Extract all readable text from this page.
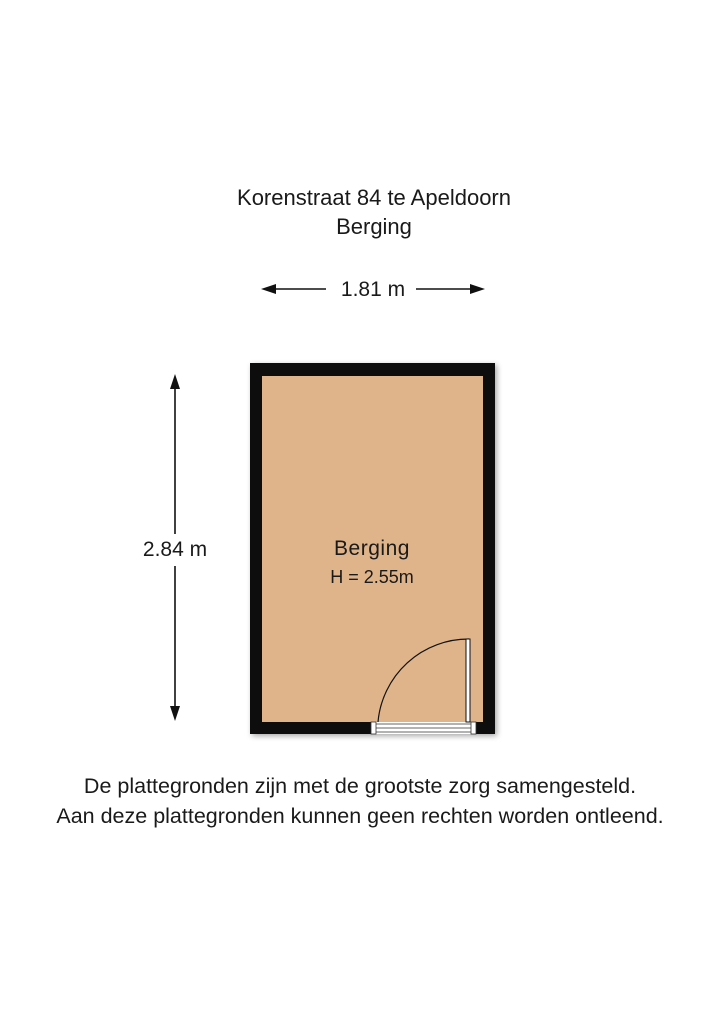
Korenstraat 84 te Apeldoorn
Berging
1.81 m
2.84 m	Berging
H = 2.55m
De plattegronden zijn met de grootste zorg samengesteld.
Aan deze plattegronden kunnen geen rechten worden ontleend.
